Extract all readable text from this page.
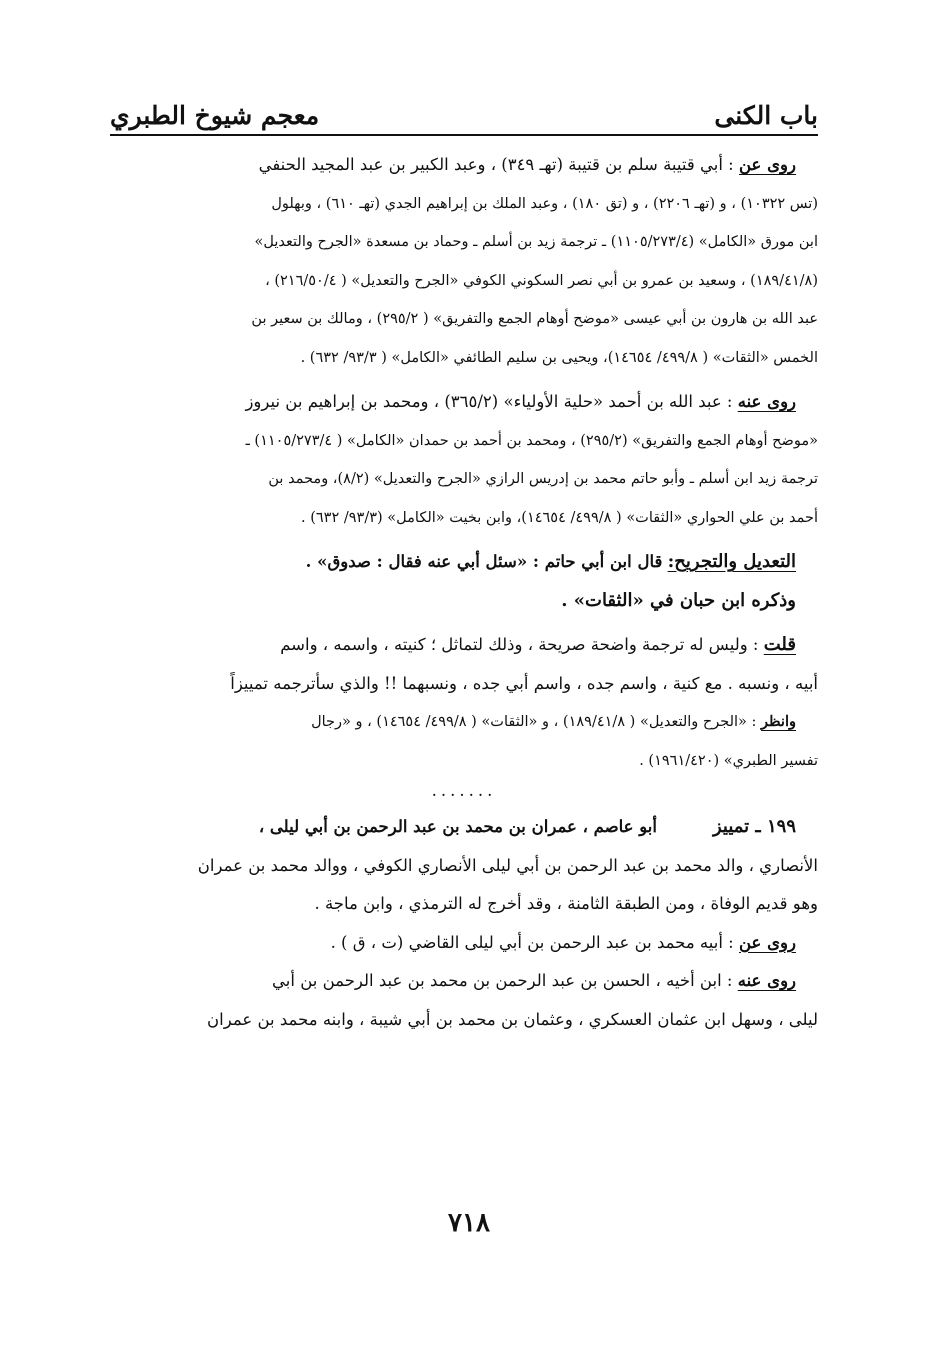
باب الكنى
معجم شيوخ الطبري

روى عن : أبي قتيبة سلم بن قتيبة (تهـ ٣٤٩) ، وعبد الكبير بن عبد المجيد الحنفي

(تس ١٠٣٢٢) ، و (تهـ ٢٢٠٦) ، و (تق ١٨٠) ، وعبد الملك بن إبراهيم الجدي (تهـ ٦١٠) ، وبهلول

ابن مورق «الكامل» (١١٠٥/٢٧٣/٤) ـ ترجمة زيد بن أسلم ـ وحماد بن مسعدة «الجرح والتعديل»

(١٨٩/٤١/٨) ، وسعيد بن عمرو بن أبي نصر السكوني الكوفي «الجرح والتعديل» ( ٢١٦/٥٠/٤) ،

عبد الله بن هارون بن أبي عيسى «موضح أوهام الجمع والتفريق» ( ٢٩٥/٢) ، ومالك بن سعير بن

الخمس «الثقات» ( ٤٩٩/٨/ ١٤٦٥٤)، ويحيى بن سليم الطائفي «الكامل» ( ٩٣/٣/ ٦٣٢) .

روى عنه : عبد الله بن أحمد «حلية الأولياء» (٣٦٥/٢) ، ومحمد بن إبراهيم بن نيروز

«موضح أوهام الجمع والتفريق» (٢٩٥/٢) ، ومحمد بن أحمد بن حمدان «الكامل» ( ١١٠٥/٢٧٣/٤) ـ

ترجمة زيد ابن أسلم ـ وأبو حاتم محمد بن إدريس الرازي «الجرح والتعديل» (٨/٢)، ومحمد بن

أحمد بن علي الحواري «الثقات» ( ٤٩٩/٨/ ١٤٦٥٤)، وابن بخيت «الكامل» (٩٣/٣/ ٦٣٢) .

التعديل والتجريح: قال ابن أبي حاتم : «سئل أبي عنه فقال : صدوق» .

وذكره ابن حبان في «الثقات» .

قلت : وليس له ترجمة واضحة صريحة ، وذلك لتماثل ؛ كنيته ، واسمه ، واسم

أبيه ، ونسبه . مع كنية ، واسم جده ، واسم أبي جده ، ونسبهما !! والذي سأترجمه تمييزاً

وانظر : «الجرح والتعديل» ( ١٨٩/٤١/٨) ، و «الثقات» ( ٤٩٩/٨/ ١٤٦٥٤) ، و «رجال

تفسير الطبري» (١٩٦١/٤٢٠) .

.......

١٩٩ ـ تمييزأبو عاصم ، عمران بن محمد بن عبد الرحمن بن أبي ليلى ،

الأنصاري ، والد محمد بن عبد الرحمن بن أبي ليلى الأنصاري الكوفي ، ووالد محمد بن عمران

وهو قديم الوفاة ، ومن الطبقة الثامنة ، وقد أخرج له الترمذي ، وابن ماجة .

روى عن : أبيه محمد بن عبد الرحمن بن أبي ليلى القاضي (ت ، ق ) .

روى عنه : ابن أخيه ، الحسن بن عبد الرحمن بن محمد بن عبد الرحمن بن أبي

ليلى ، وسهل ابن عثمان العسكري ، وعثمان بن محمد بن أبي شيبة ، وابنه محمد بن عمران

٧١٨
